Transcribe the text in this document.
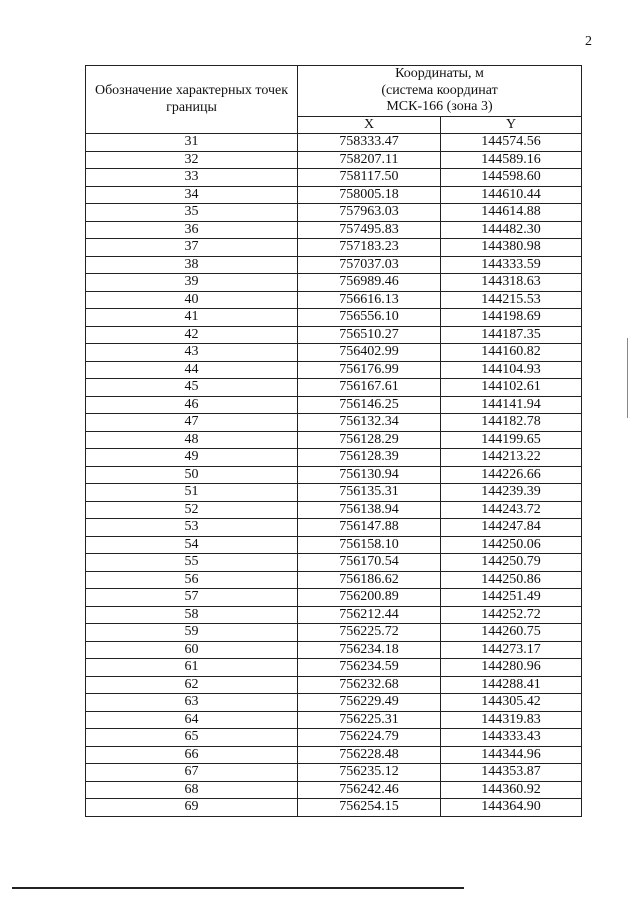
2
Обозначение характерных точек границы	Координаты, м
(система координат
МСК-166 (зона 3)	

	X	Y
31	758333.47	144574.56
32	758207.11	144589.16
33	758117.50	144598.60
34	758005.18	144610.44
35	757963.03	144614.88
36	757495.83	144482.30
37	757183.23	144380.98
38	757037.03	144333.59
39	756989.46	144318.63
40	756616.13	144215.53
41	756556.10	144198.69
42	756510.27	144187.35
43	756402.99	144160.82
44	756176.99	144104.93
45	756167.61	144102.61
46	756146.25	144141.94
47	756132.34	144182.78
48	756128.29	144199.65
49	756128.39	144213.22
50	756130.94	144226.66
51	756135.31	144239.39
52	756138.94	144243.72
53	756147.88	144247.84
54	756158.10	144250.06
55	756170.54	144250.79
56	756186.62	144250.86
57	756200.89	144251.49
58	756212.44	144252.72
59	756225.72	144260.75
60	756234.18	144273.17
61	756234.59	144280.96
62	756232.68	144288.41
63	756229.49	144305.42
64	756225.31	144319.83
65	756224.79	144333.43
66	756228.48	144344.96
67	756235.12	144353.87
68	756242.46	144360.92
69	756254.15	144364.90
